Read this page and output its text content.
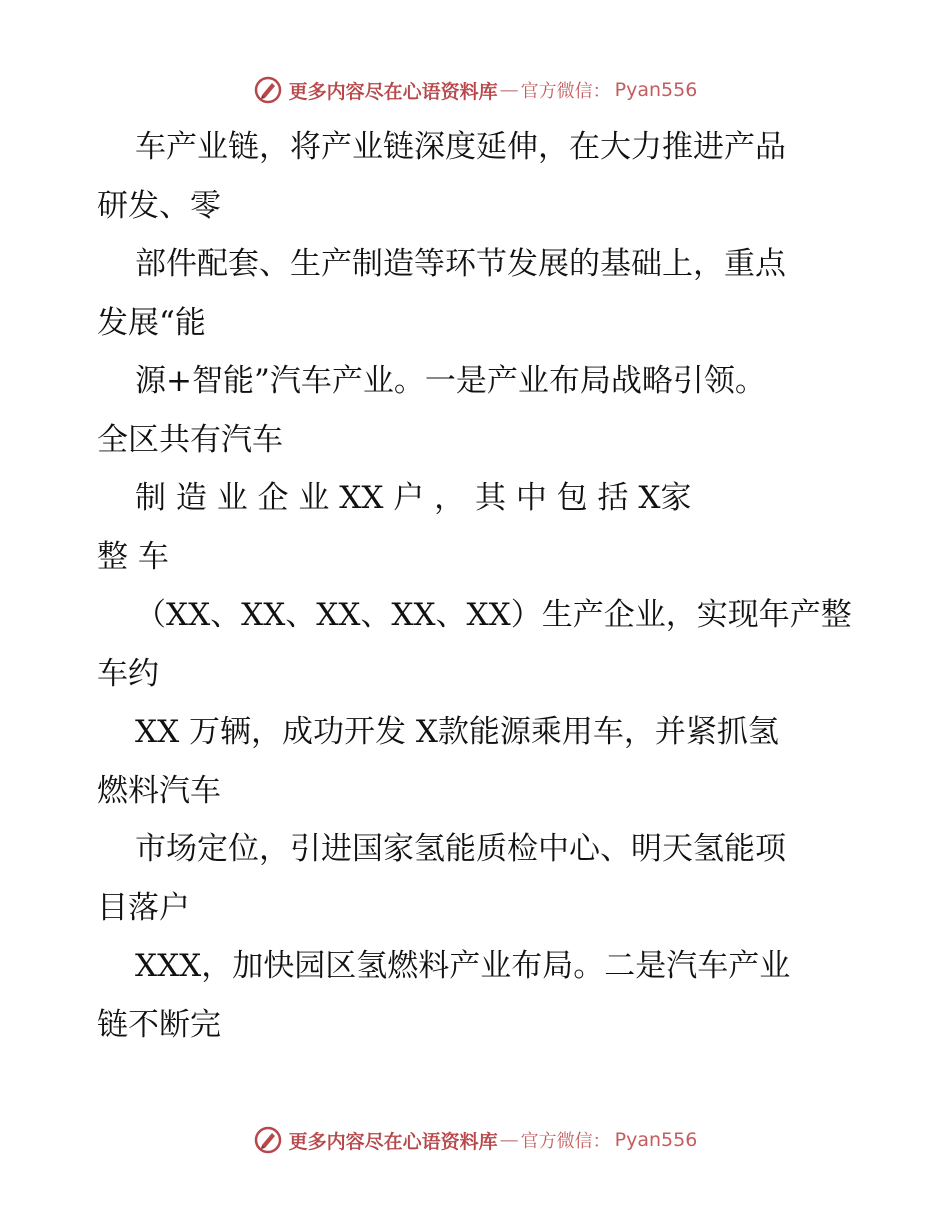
更多内容尽在心语资料库 — 官方微信： Pyan556
车产业链，将产业链深度延伸，在大力推进产品
研发、零
部件配套、生产制造等环节发展的基础上，重点
发展“能
源+智能”汽车产业。一是产业布局战略引领。
全区共有汽车
制 造 业 企 业 XX 户 ， 其 中 包 括 X家
整 车
（XX、XX、XX、XX、XX）生产企业，实现年产整
车约
XX 万辆，成功开发 X款能源乘用车，并紧抓氢
燃料汽车
市场定位，引进国家氢能质检中心、明天氢能项
目落户
XXX，加快园区氢燃料产业布局。二是汽车产业
链不断完
更多内容尽在心语资料库 — 官方微信： Pyan556
